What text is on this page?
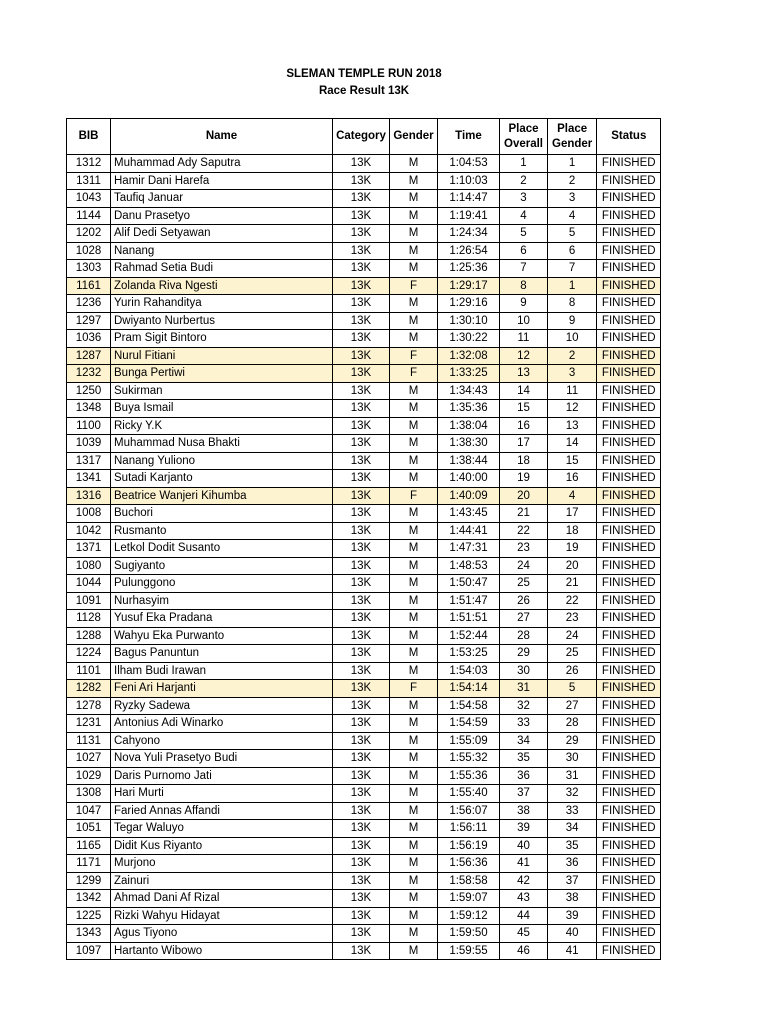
SLEMAN TEMPLE RUN 2018
Race Result 13K
BIB	Name	Category	Gender	Time	Place Overall	Place Gender	Status
1312	Muhammad Ady Saputra	13K	M	1:04:53	1	1	FINISHED
1311	Hamir Dani Harefa	13K	M	1:10:03	2	2	FINISHED
1043	Taufiq Januar	13K	M	1:14:47	3	3	FINISHED
1144	Danu Prasetyo	13K	M	1:19:41	4	4	FINISHED
1202	Alif Dedi Setyawan	13K	M	1:24:34	5	5	FINISHED
1028	Nanang	13K	M	1:26:54	6	6	FINISHED
1303	Rahmad Setia Budi	13K	M	1:25:36	7	7	FINISHED
1161	Zolanda Riva Ngesti	13K	F	1:29:17	8	1	FINISHED
1236	Yurin Rahanditya	13K	M	1:29:16	9	8	FINISHED
1297	Dwiyanto Nurbertus	13K	M	1:30:10	10	9	FINISHED
1036	Pram Sigit Bintoro	13K	M	1:30:22	11	10	FINISHED
1287	Nurul Fitiani	13K	F	1:32:08	12	2	FINISHED
1232	Bunga Pertiwi	13K	F	1:33:25	13	3	FINISHED
1250	Sukirman	13K	M	1:34:43	14	11	FINISHED
1348	Buya Ismail	13K	M	1:35:36	15	12	FINISHED
1100	Ricky Y.K	13K	M	1:38:04	16	13	FINISHED
1039	Muhammad Nusa Bhakti	13K	M	1:38:30	17	14	FINISHED
1317	Nanang Yuliono	13K	M	1:38:44	18	15	FINISHED
1341	Sutadi Karjanto	13K	M	1:40:00	19	16	FINISHED
1316	Beatrice Wanjeri Kihumba	13K	F	1:40:09	20	4	FINISHED
1008	Buchori	13K	M	1:43:45	21	17	FINISHED
1042	Rusmanto	13K	M	1:44:41	22	18	FINISHED
1371	Letkol Dodit Susanto	13K	M	1:47:31	23	19	FINISHED
1080	Sugiyanto	13K	M	1:48:53	24	20	FINISHED
1044	Pulunggono	13K	M	1:50:47	25	21	FINISHED
1091	Nurhasyim	13K	M	1:51:47	26	22	FINISHED
1128	Yusuf Eka Pradana	13K	M	1:51:51	27	23	FINISHED
1288	Wahyu Eka Purwanto	13K	M	1:52:44	28	24	FINISHED
1224	Bagus Panuntun	13K	M	1:53:25	29	25	FINISHED
1101	Ilham Budi Irawan	13K	M	1:54:03	30	26	FINISHED
1282	Feni Ari Harjanti	13K	F	1:54:14	31	5	FINISHED
1278	Ryzky Sadewa	13K	M	1:54:58	32	27	FINISHED
1231	Antonius Adi Winarko	13K	M	1:54:59	33	28	FINISHED
1131	Cahyono	13K	M	1:55:09	34	29	FINISHED
1027	Nova Yuli Prasetyo Budi	13K	M	1:55:32	35	30	FINISHED
1029	Daris Purnomo Jati	13K	M	1:55:36	36	31	FINISHED
1308	Hari Murti	13K	M	1:55:40	37	32	FINISHED
1047	Faried Annas Affandi	13K	M	1:56:07	38	33	FINISHED
1051	Tegar Waluyo	13K	M	1:56:11	39	34	FINISHED
1165	Didit Kus Riyanto	13K	M	1:56:19	40	35	FINISHED
1171	Murjono	13K	M	1:56:36	41	36	FINISHED
1299	Zainuri	13K	M	1:58:58	42	37	FINISHED
1342	Ahmad Dani Af Rizal	13K	M	1:59:07	43	38	FINISHED
1225	Rizki Wahyu Hidayat	13K	M	1:59:12	44	39	FINISHED
1343	Agus Tiyono	13K	M	1:59:50	45	40	FINISHED
1097	Hartanto Wibowo	13K	M	1:59:55	46	41	FINISHED
